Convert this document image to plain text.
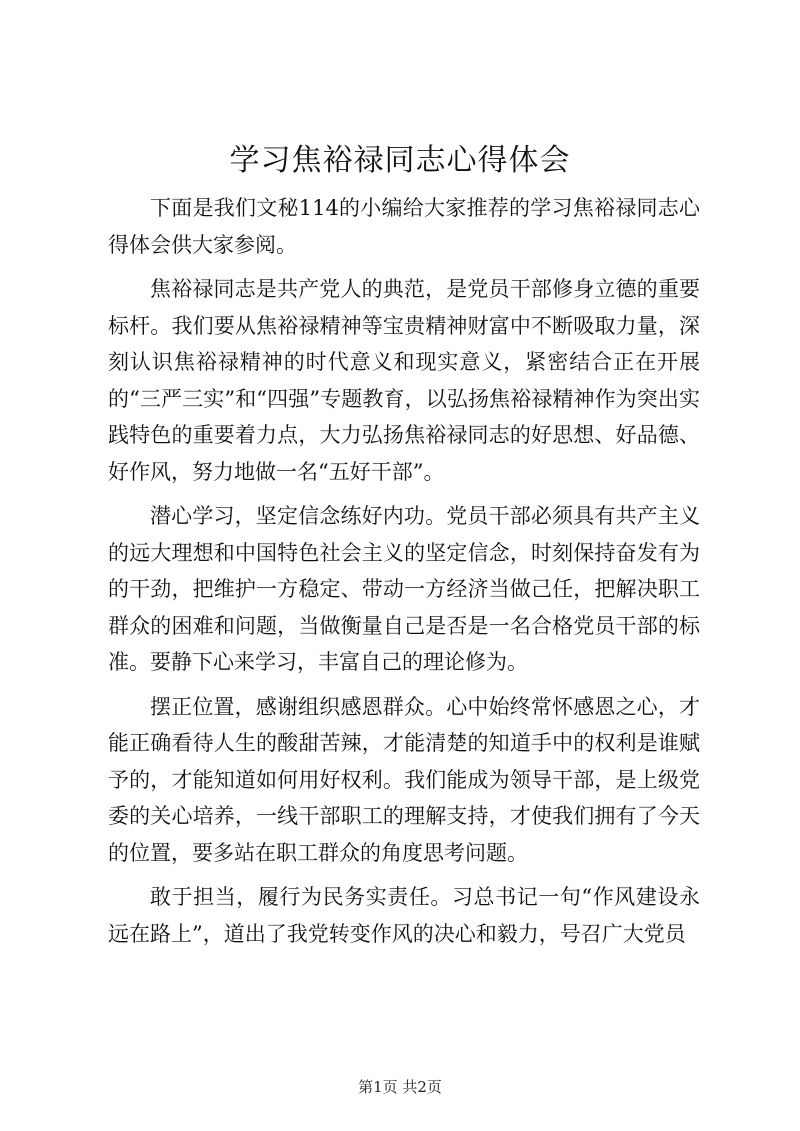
学习焦裕禄同志心得体会

下面是我们文秘114的小编给大家推荐的学习焦裕禄同志心得体会供大家参阅。

焦裕禄同志是共产党人的典范，是党员干部修身立德的重要标杆。我们要从焦裕禄精神等宝贵精神财富中不断吸取力量，深刻认识焦裕禄精神的时代意义和现实意义，紧密结合正在开展的“三严三实”和“四强”专题教育，以弘扬焦裕禄精神作为突出实践特色的重要着力点，大力弘扬焦裕禄同志的好思想、好品德、好作风，努力地做一名“五好干部”。

潜心学习，坚定信念练好内功。党员干部必须具有共产主义的远大理想和中国特色社会主义的坚定信念，时刻保持奋发有为的干劲，把维护一方稳定、带动一方经济当做己任，把解决职工群众的困难和问题，当做衡量自己是否是一名合格党员干部的标准。要静下心来学习，丰富自己的理论修为。

摆正位置，感谢组织感恩群众。心中始终常怀感恩之心，才能正确看待人生的酸甜苦辣，才能清楚的知道手中的权利是谁赋予的，才能知道如何用好权利。我们能成为领导干部，是上级党委的关心培养，一线干部职工的理解支持，才使我们拥有了今天的位置，要多站在职工群众的角度思考问题。

敢于担当，履行为民务实责任。习总书记一句“作风建设永远在路上”，道出了我党转变作风的决心和毅力，号召广大党员

第1页 共2页
